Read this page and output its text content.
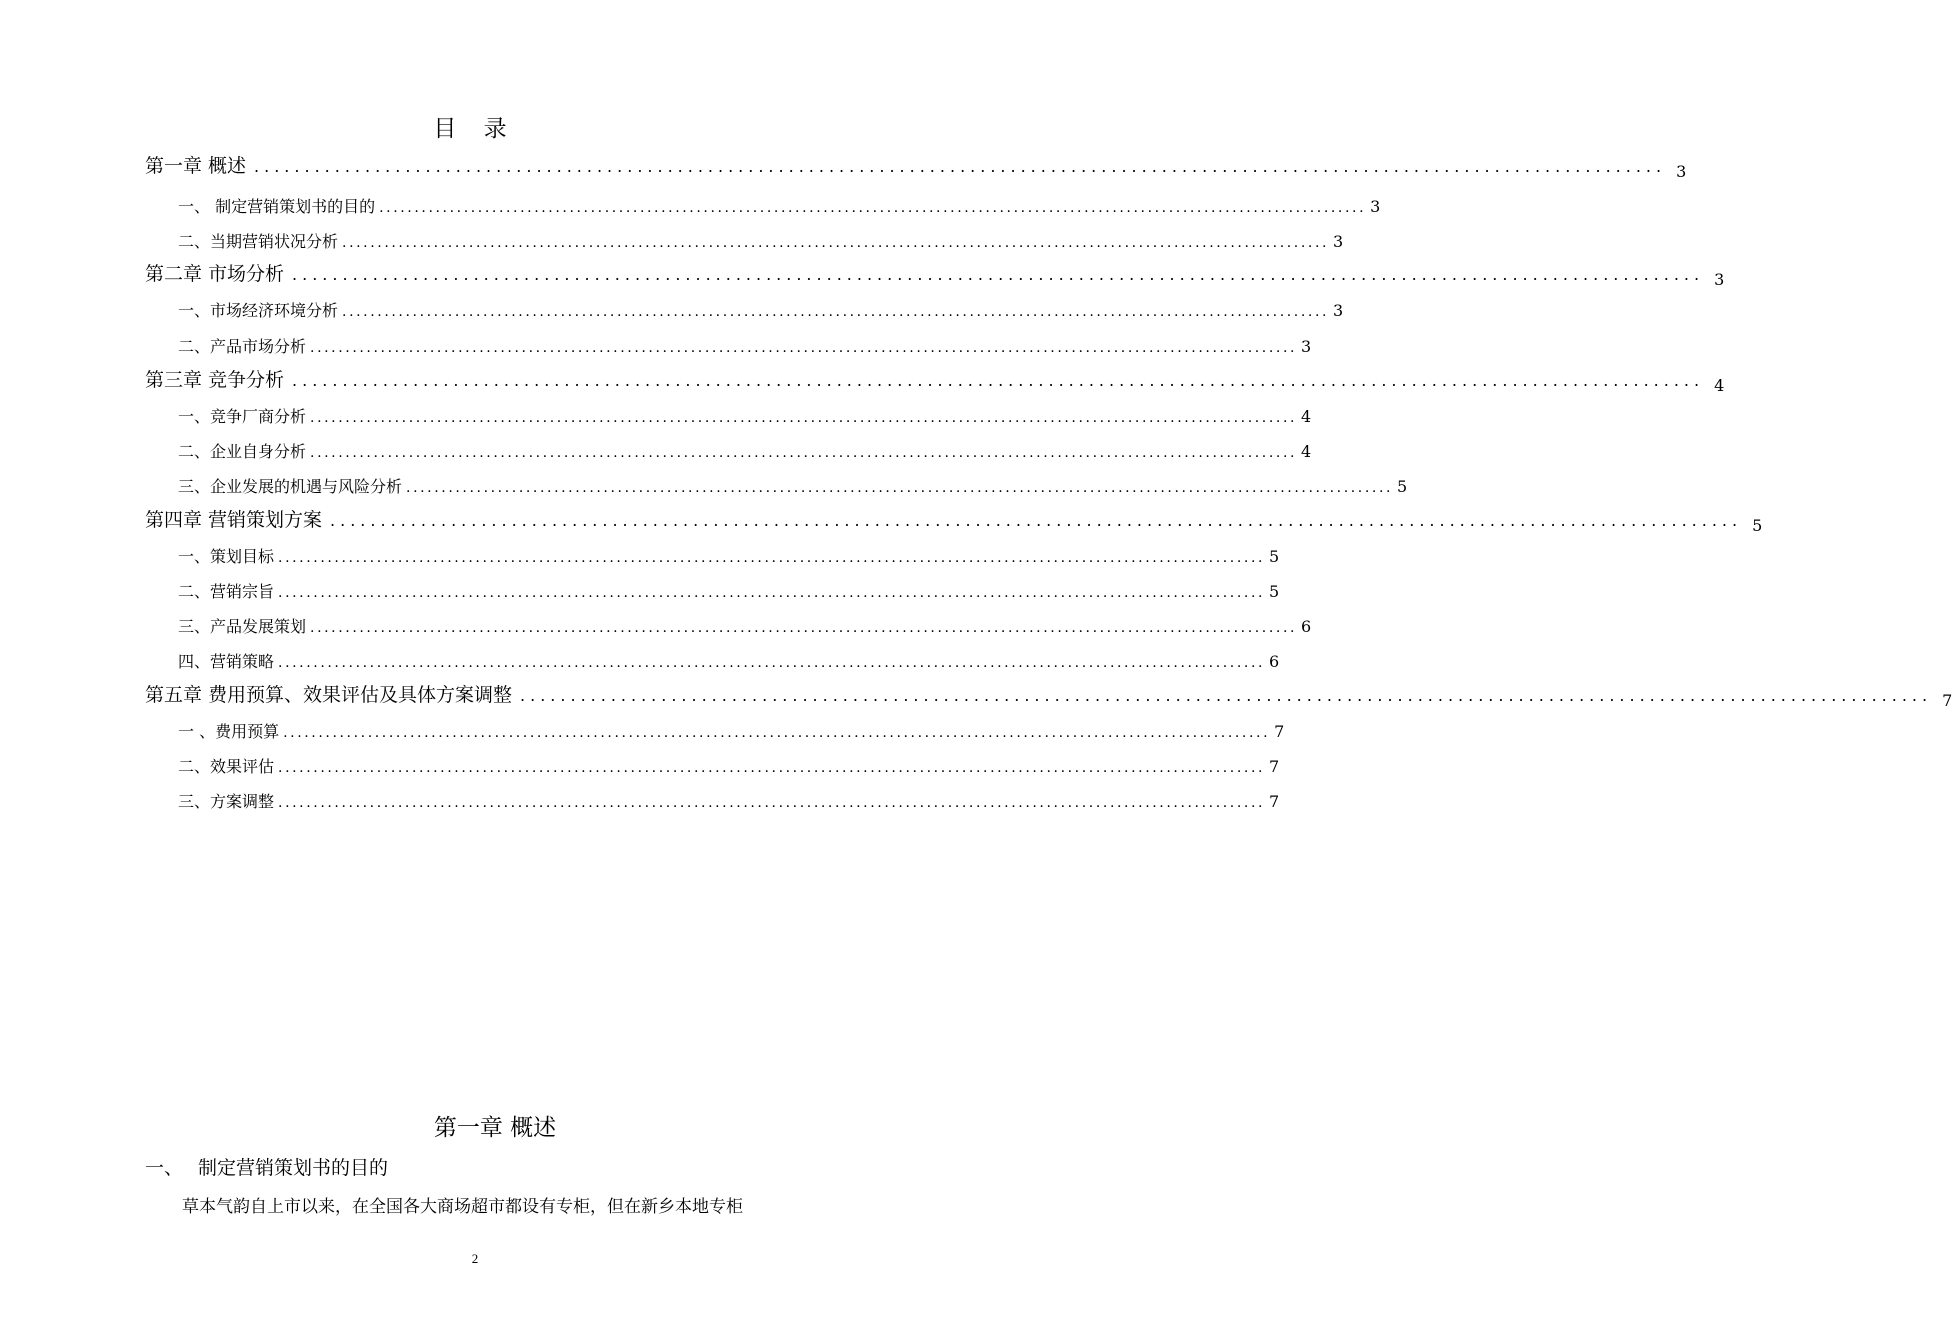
目 录
第一章 概述 ............................................................................................................................................ 3
一、 制定营销策划书的目的 ............................................................................................................................................ 3
二、当期营销状况分析 ............................................................................................................................................ 3
第二章 市场分析 ............................................................................................................................................ 3
一、市场经济环境分析 ............................................................................................................................................ 3
二、产品市场分析 ............................................................................................................................................ 3
第三章 竞争分析 ............................................................................................................................................ 4
一、竞争厂商分析 ............................................................................................................................................ 4
二、企业自身分析 ............................................................................................................................................ 4
三、企业发展的机遇与风险分析 ............................................................................................................................................ 5
第四章 营销策划方案 ............................................................................................................................................ 5
一、策划目标 ............................................................................................................................................ 5
二、营销宗旨 ............................................................................................................................................ 5
三、产品发展策划 ............................................................................................................................................ 6
四、营销策略 ............................................................................................................................................ 6
第五章 费用预算、效果评估及具体方案调整 ............................................................................................................................................ 7
一 、费用预算 ............................................................................................................................................ 7
二、效果评估 ............................................................................................................................................ 7
三、方案调整 ............................................................................................................................................ 7
第一章 概述
一、 制定营销策划书的目的
草本气韵自上市以来，在全国各大商场超市都设有专柜，但在新乡本地专柜
2
